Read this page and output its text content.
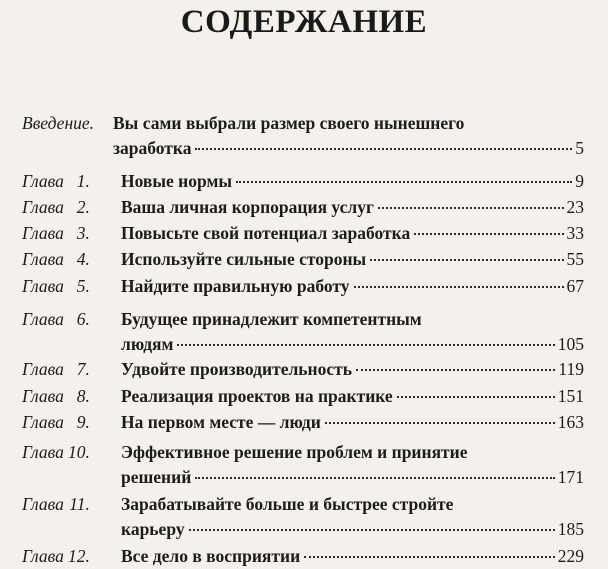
СОДЕРЖАНИЕ
Введение.	Вы сами выбрали размер своего нынешнего
заработка	5
Глава 1.	Новые нормы	9
Глава 2.	Ваша личная корпорация услуг	23
Глава 3.	Повысьте свой потенциал заработка	33
Глава 4.	Используйте сильные стороны	55
Глава 5.	Найдите правильную работу	67
Глава 6.	Будущее принадлежит компетентным
людям	105
Глава 7.	Удвойте производительность	119
Глава 8.	Реализация проектов на практике	151
Глава 9.	На первом месте — люди	163
Глава 10.	Эффективное решение проблем и принятие
решений	171
Глава 11.	Зарабатывайте больше и быстрее стройте
карьеру	185
Глава 12.	Все дело в восприятии	229
